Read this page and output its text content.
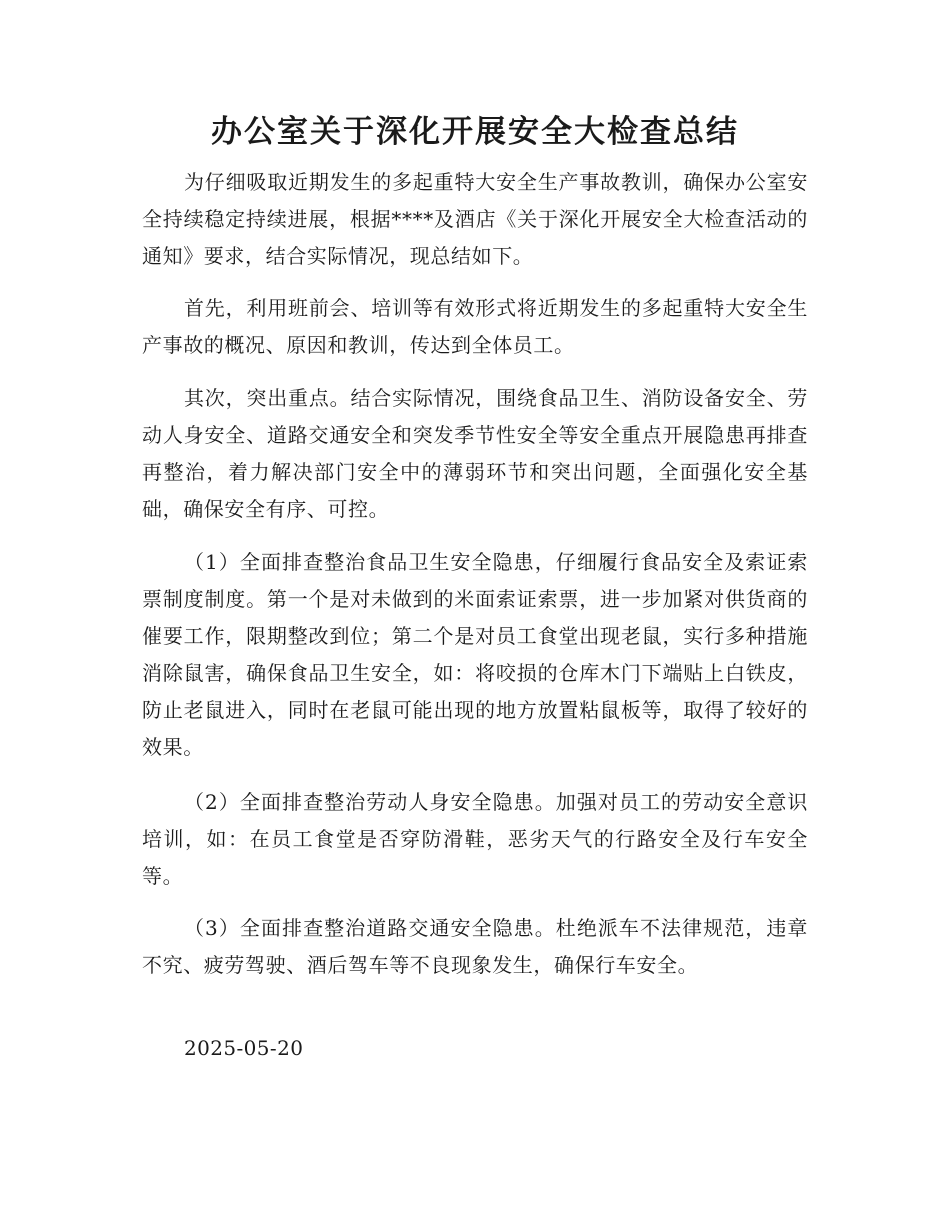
办公室关于深化开展安全大检查总结

为仔细吸取近期发生的多起重特大安全生产事故教训，确保办公室安全持续稳定持续进展，根据****及酒店《关于深化开展安全大检查活动的通知》要求，结合实际情况，现总结如下。

首先，利用班前会、培训等有效形式将近期发生的多起重特大安全生产事故的概况、原因和教训，传达到全体员工。

其次，突出重点。结合实际情况，围绕食品卫生、消防设备安全、劳动人身安全、道路交通安全和突发季节性安全等安全重点开展隐患再排查再整治，着力解决部门安全中的薄弱环节和突出问题，全面强化安全基础，确保安全有序、可控。

（1）全面排查整治食品卫生安全隐患，仔细履行食品安全及索证索票制度制度。第一个是对未做到的米面索证索票，进一步加紧对供货商的催要工作，限期整改到位；第二个是对员工食堂出现老鼠，实行多种措施消除鼠害，确保食品卫生安全，如：将咬损的仓库木门下端贴上白铁皮，防止老鼠进入，同时在老鼠可能出现的地方放置粘鼠板等，取得了较好的效果。

（2）全面排查整治劳动人身安全隐患。加强对员工的劳动安全意识培训，如：在员工食堂是否穿防滑鞋，恶劣天气的行路安全及行车安全等。

（3）全面排查整治道路交通安全隐患。杜绝派车不法律规范，违章不究、疲劳驾驶、酒后驾车等不良现象发生，确保行车安全。

2025-05-20
